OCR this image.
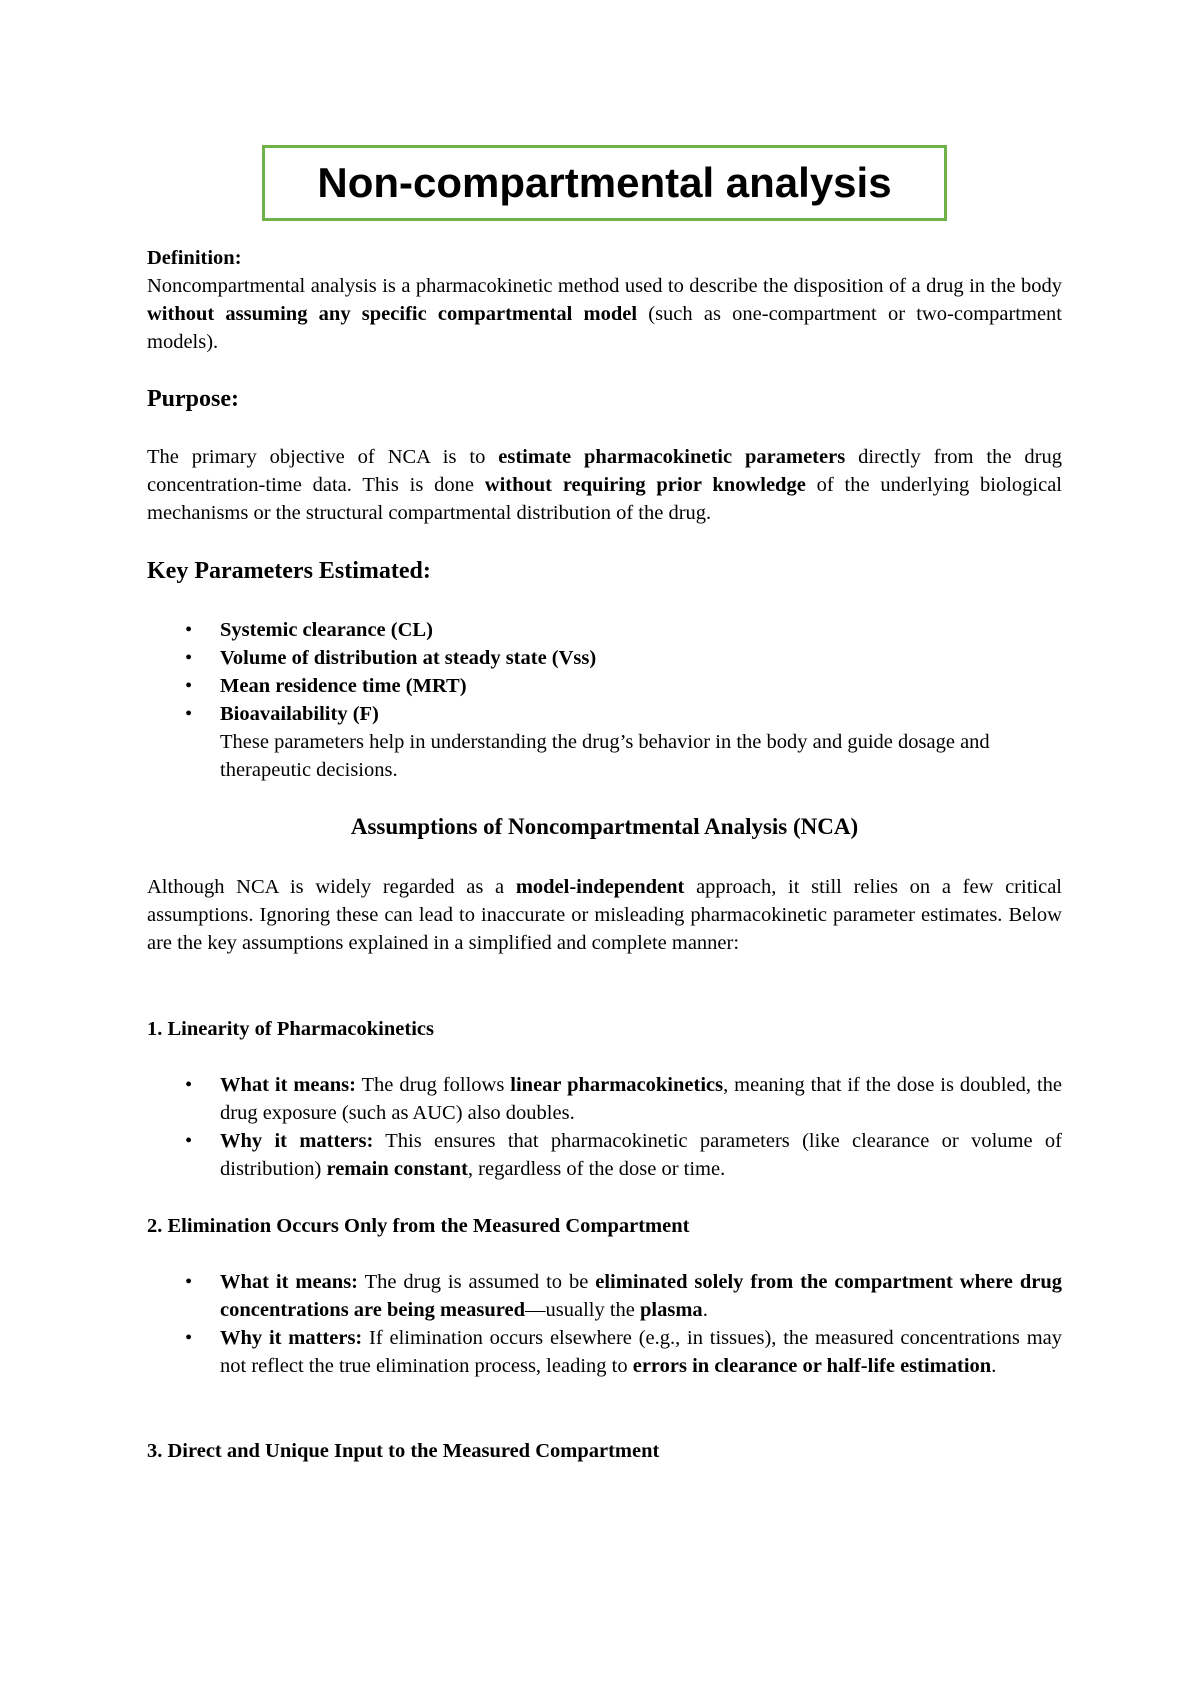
Non-compartmental analysis
Definition:

Noncompartmental analysis is a pharmacokinetic method used to describe the disposition of a drug in the body without assuming any specific compartmental model (such as one-compartment or two-compartment models).

Purpose:

The primary objective of NCA is to estimate pharmacokinetic parameters directly from the drug concentration-time data. This is done without requiring prior knowledge of the underlying biological mechanisms or the structural compartmental distribution of the drug.

Key Parameters Estimated:
• Systemic clearance (CL)
• Volume of distribution at steady state (Vss)
• Mean residence time (MRT)
• Bioavailability (F)
These parameters help in understanding the drug’s behavior in the body and guide dosage and therapeutic decisions.
Assumptions of Noncompartmental Analysis (NCA)

Although NCA is widely regarded as a model-independent approach, it still relies on a few critical assumptions. Ignoring these can lead to inaccurate or misleading pharmacokinetic parameter estimates. Below are the key assumptions explained in a simplified and complete manner:

1. Linearity of Pharmacokinetics
• What it means: The drug follows linear pharmacokinetics, meaning that if the dose is doubled, the drug exposure (such as AUC) also doubles.
• Why it matters: This ensures that pharmacokinetic parameters (like clearance or volume of distribution) remain constant, regardless of the dose or time.
2. Elimination Occurs Only from the Measured Compartment
• What it means: The drug is assumed to be eliminated solely from the compartment where drug concentrations are being measured—usually the plasma.
• Why it matters: If elimination occurs elsewhere (e.g., in tissues), the measured concentrations may not reflect the true elimination process, leading to errors in clearance or half-life estimation.
3. Direct and Unique Input to the Measured Compartment
